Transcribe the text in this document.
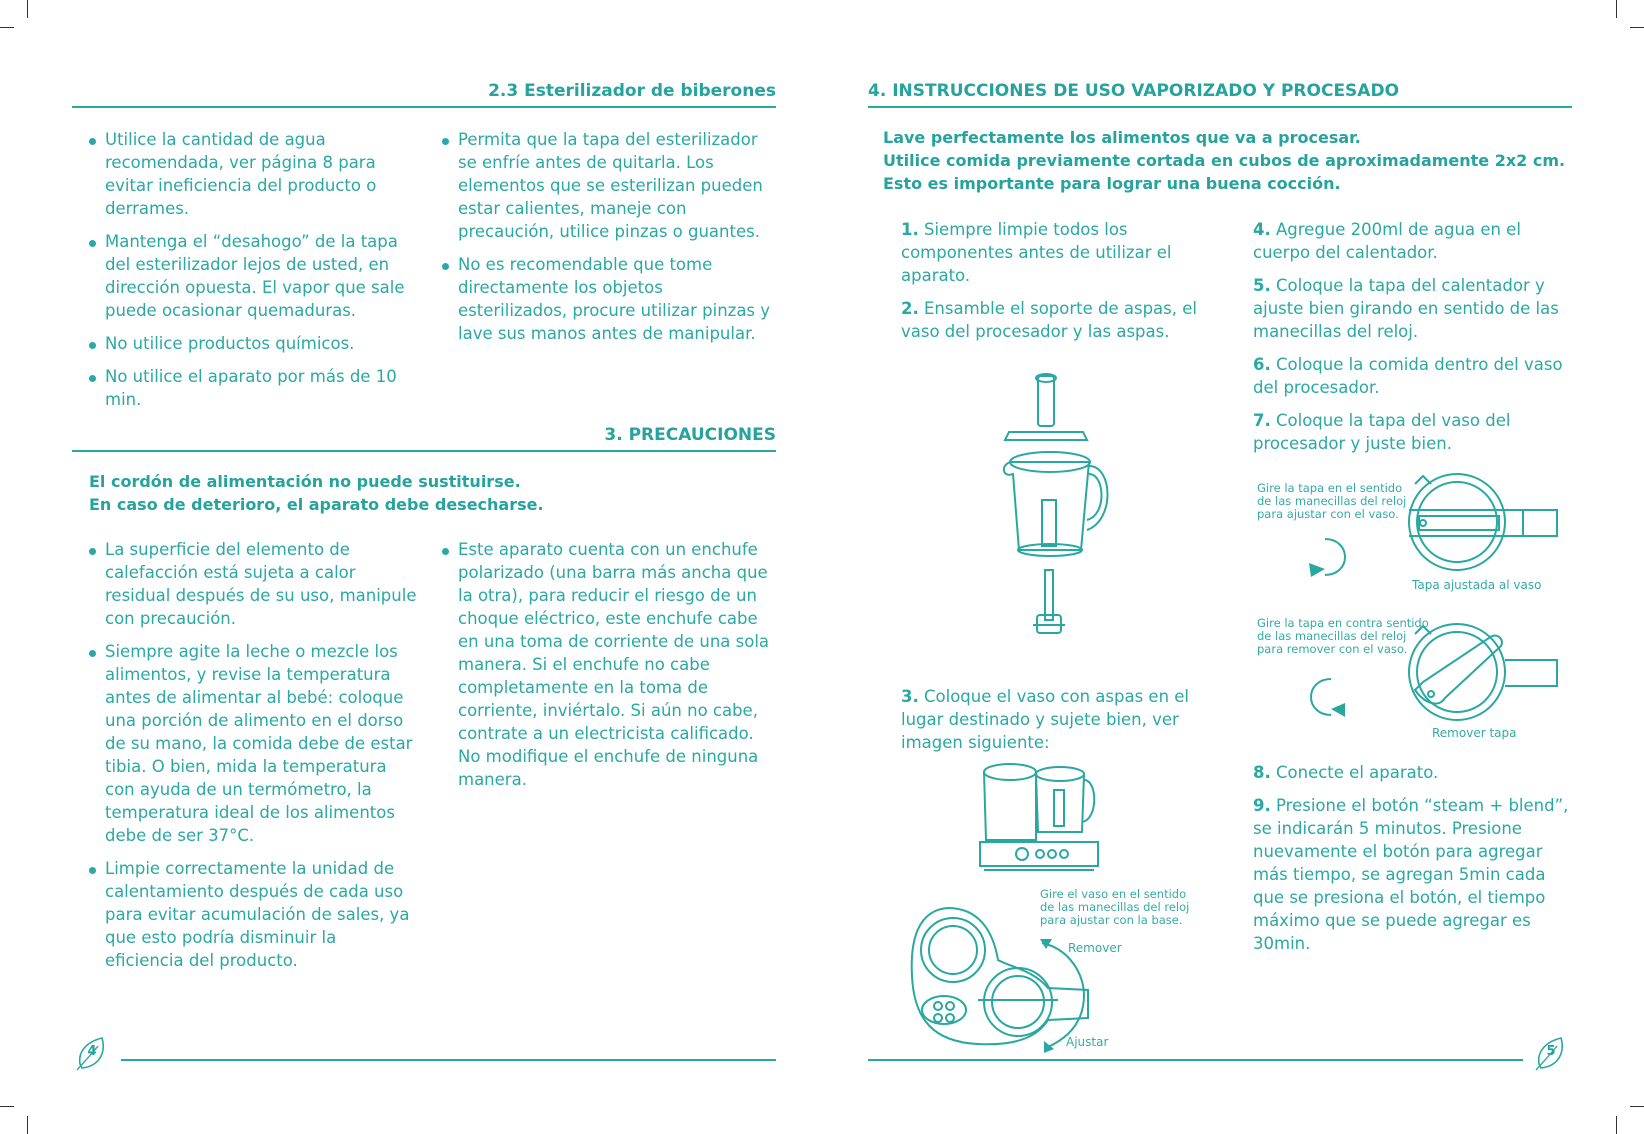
2.3 Esterilizador de biberones
Utilice la cantidad de agua recomendada, ver página 8 para evitar ineficiencia del producto o derrames.
Mantenga el “desahogo” de la tapa del esterilizador lejos de usted, en dirección opuesta. El vapor que sale puede ocasionar quemaduras.
No utilice productos químicos.
No utilice el aparato por más de 10 min.
Permita que la tapa del esterilizador se enfríe antes de quitarla. Los elementos que se esterilizan pueden estar calientes, maneje con precaución, utilice pinzas o guantes.
No es recomendable que tome directamente los objetos esterilizados, procure utilizar pinzas y lave sus manos antes de manipular.
3. PRECAUCIONES
El cordón de alimentación no puede sustituirse.
En caso de deterioro, el aparato debe desecharse.
La superficie del elemento de calefacción está sujeta a calor residual después de su uso, manipule con precaución.
Siempre agite la leche o mezcle los alimentos, y revise la temperatura antes de alimentar al bebé: coloque una porción de alimento en el dorso de su mano, la comida debe de estar tibia. O bien, mida la temperatura con ayuda de un termómetro, la temperatura ideal de los alimentos debe de ser 37°C.
Limpie correctamente la unidad de calentamiento después de cada uso para evitar acumulación de sales, ya que esto podría disminuir la eficiencia del producto.
Este aparato cuenta con un enchufe polarizado (una barra más ancha que la otra), para reducir el riesgo de un choque eléctrico, este enchufe cabe en una toma de corriente de una sola manera. Si el enchufe no cabe completamente en la toma de corriente, inviértalo. Si aún no cabe, contrate a un electricista calificado. No modifique el enchufe de ninguna manera.
4
4. INSTRUCCIONES DE USO VAPORIZADO Y PROCESADO
Lave perfectamente los alimentos que va a procesar.
Utilice comida previamente cortada en cubos de aproximadamente 2x2 cm. Esto es importante para lograr una buena cocción.
1. Siempre limpie todos los componentes antes de utilizar el aparato.
2. Ensamble el soporte de aspas, el vaso del procesador y las aspas.
3. Coloque el vaso con aspas en el lugar destinado y sujete bien, ver imagen siguiente:
Gire el vaso en el sentido
de las manecillas del reloj
para ajustar con la base.
Remover
Ajustar
4. Agregue 200ml de agua en el cuerpo del calentador.
5. Coloque la tapa del calentador y ajuste bien girando en sentido de las manecillas del reloj.
6. Coloque la comida dentro del vaso del procesador.
7. Coloque la tapa del vaso del procesador y juste bien.
Gire la tapa en el sentido
de las manecillas del reloj
para ajustar con el vaso.
Tapa ajustada al vaso
Gire la tapa en contra sentido
de las manecillas del reloj
para remover con el vaso.
Remover tapa
8. Conecte el aparato.
9. Presione el botón “steam + blend”, se indicarán 5 minutos. Presione nuevamente el botón para agregar más tiempo, se agregan 5min cada que se presiona el botón, el tiempo máximo que se puede agregar es 30min.
5
